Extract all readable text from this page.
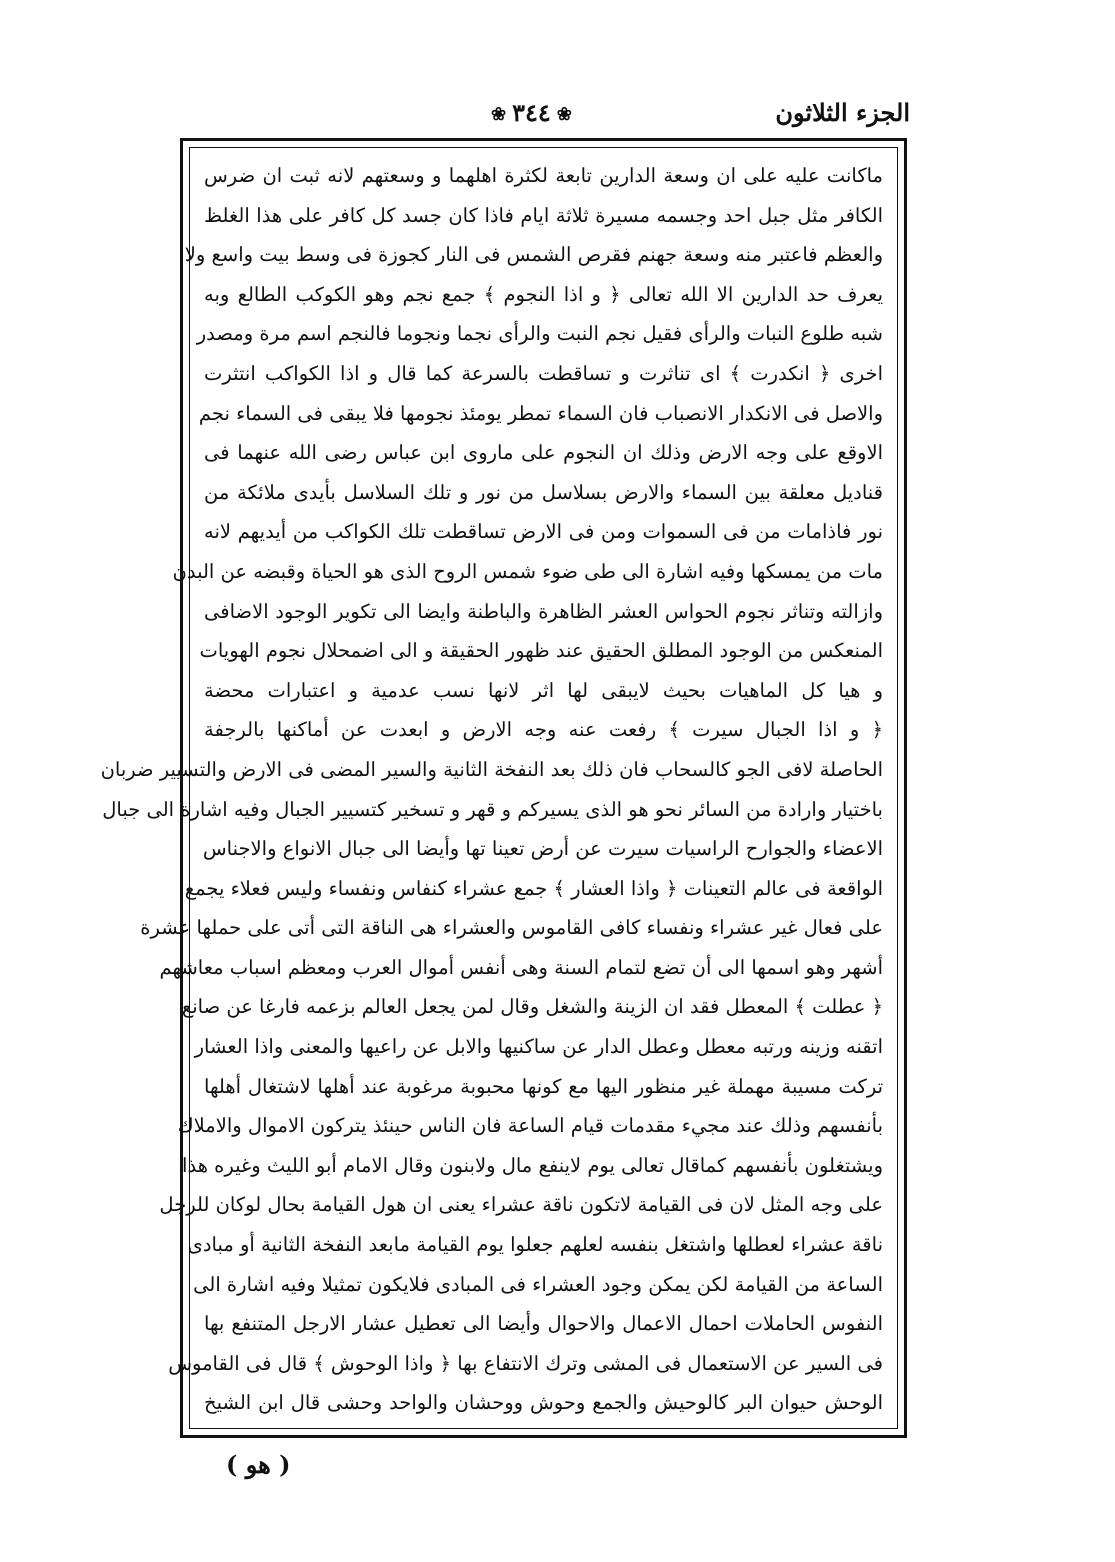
الجزء الثلاثون
❀٣٤٤❀
ماكانت عليه على ان وسعة الدارين تابعة لكثرة اهلهما و وسعتهم لانه ثبت ان ضرس
الكافر مثل جبل احد وجسمه مسيرة ثلاثة ايام فاذا كان جسد كل كافر على هذا الغلظ
والعظم فاعتبر منه وسعة جهنم فقرص الشمس فى النار كجوزة فى وسط بيت واسع ولا
يعرف حد الدارين الا الله تعالى ﴿ و اذا النجوم ﴾ جمع نجم وهو الكوكب الطالع وبه
شبه طلوع النبات والرأى فقيل نجم النبت والرأى نجما ونجوما فالنجم اسم مرة ومصدر
اخرى ﴿ انكدرت ﴾ اى تناثرت و تساقطت بالسرعة كما قال و اذا الكواكب انتثرت
والاصل فى الانكدار الانصباب فان السماء تمطر يومئذ نجومها فلا يبقى فى السماء نجم
الاوقع على وجه الارض وذلك ان النجوم على ماروى ابن عباس رضى الله عنهما فى
قناديل معلقة بين السماء والارض بسلاسل من نور و تلك السلاسل بأيدى ملائكة من
نور فاذامات من فى السموات ومن فى الارض تساقطت تلك الكواكب من أيديهم لانه
مات من يمسكها وفيه اشارة الى طى ضوء شمس الروح الذى هو الحياة وقبضه عن البدن
وازالته وتناثر نجوم الحواس العشر الظاهرة والباطنة وايضا الى تكوير الوجود الاضافى
المنعكس من الوجود المطلق الحقيق عند ظهور الحقيقة و الى اضمحلال نجوم الهويات
و هيا كل الماهيات بحيث لايبقى لها اثر لانها نسب عدمية و اعتبارات محضة
﴿ و اذا الجبال سيرت ﴾ رفعت عنه وجه الارض و ابعدت عن أماكنها بالرجفة
الحاصلة لافى الجو كالسحاب فان ذلك بعد النفخة الثانية والسير المضى فى الارض والتسيير ضربان
باختيار وارادة من السائر نحو هو الذى يسيركم و قهر و تسخير كتسيير الجبال وفيه اشارة الى جبال
الاعضاء والجوارح الراسيات سيرت عن أرض تعينا تها وأيضا الى جبال الانواع والاجناس
الواقعة فى عالم التعينات ﴿ واذا العشار ﴾ جمع عشراء كنفاس ونفساء وليس فعلاء يجمع
على فعال غير عشراء ونفساء كافى القاموس والعشراء هى الناقة التى أتى على حملها عشرة
أشهر وهو اسمها الى أن تضع لتمام السنة وهى أنفس أموال العرب ومعظم اسباب معاشهم
﴿ عطلت ﴾ المعطل فقد ان الزينة والشغل وقال لمن يجعل العالم بزعمه فارغا عن صانع
اتقنه وزينه ورتبه معطل وعطل الدار عن ساكنيها والابل عن راعيها والمعنى واذا العشار
تركت مسيبة مهملة غير منظور اليها مع كونها محبوبة مرغوبة عند أهلها لاشتغال أهلها
بأنفسهم وذلك عند مجيء مقدمات قيام الساعة فان الناس حينئذ يتركون الاموال والاملاك
ويشتغلون بأنفسهم كماقال تعالى يوم لاينفع مال ولابنون وقال الامام أبو الليث وغيره هذا
على وجه المثل لان فى القيامة لاتكون ناقة عشراء يعنى ان هول القيامة بحال لوكان للرجل
ناقة عشراء لعطلها واشتغل بنفسه لعلهم جعلوا يوم القيامة مابعد النفخة الثانية أو مبادى
الساعة من القيامة لكن يمكن وجود العشراء فى المبادى فلايكون تمثيلا وفيه اشارة الى
النفوس الحاملات احمال الاعمال والاحوال وأيضا الى تعطيل عشار الارجل المتنفع بها
فى السير عن الاستعمال فى المشى وترك الانتفاع بها ﴿ واذا الوحوش ﴾ قال فى القاموس
الوحش حيوان البر كالوحيش والجمع وحوش ووحشان والواحد وحشى قال ابن الشيخ
( هو )
